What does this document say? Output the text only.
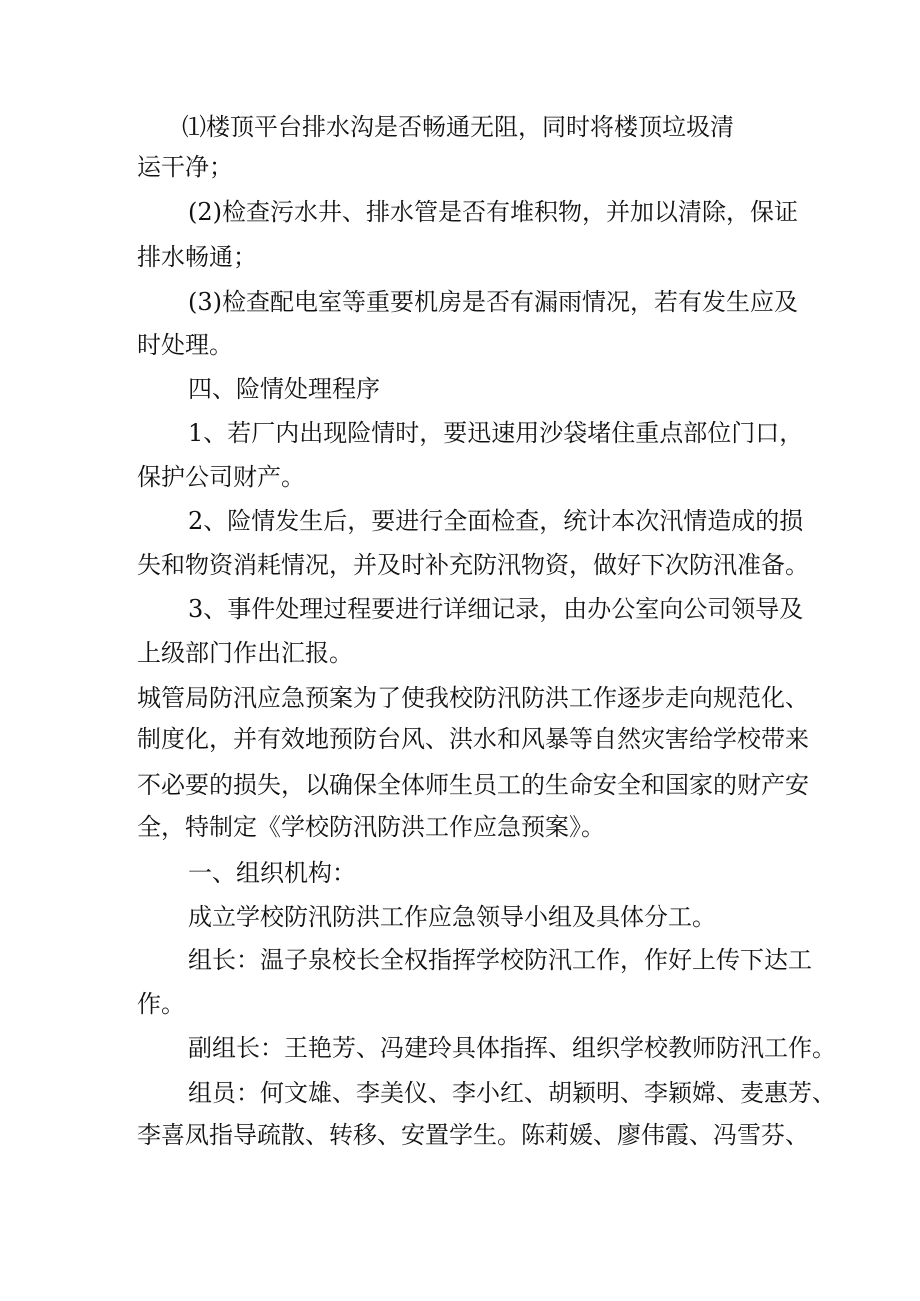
⑴楼顶平台排水沟是否畅通无阻，同时将楼顶垃圾清
运干净；
(2)检查污水井、排水管是否有堆积物，并加以清除，保证
排水畅通；
(3)检查配电室等重要机房是否有漏雨情况，若有发生应及
时处理。
四、险情处理程序
1、若厂内出现险情时，要迅速用沙袋堵住重点部位门口，
保护公司财产。
2、险情发生后，要进行全面检查，统计本次汛情造成的损
失和物资消耗情况，并及时补充防汛物资，做好下次防汛准备。
3、事件处理过程要进行详细记录，由办公室向公司领导及
上级部门作出汇报。
城管局防汛应急预案为了使我校防汛防洪工作逐步走向规范化、
制度化，并有效地预防台风、洪水和风暴等自然灾害给学校带来
不必要的损失，以确保全体师生员工的生命安全和国家的财产安
全，特制定《学校防汛防洪工作应急预案》。
一、组织机构：
成立学校防汛防洪工作应急领导小组及具体分工。
组长：温子泉校长全权指挥学校防汛工作，作好上传下达工
作。
副组长：王艳芳、冯建玲具体指挥、组织学校教师防汛工作。
组员：何文雄、李美仪、李小红、胡颖明、李颖嫦、麦惠芳、
李喜凤指导疏散、转移、安置学生。陈莉媛、廖伟霞、冯雪芬、
